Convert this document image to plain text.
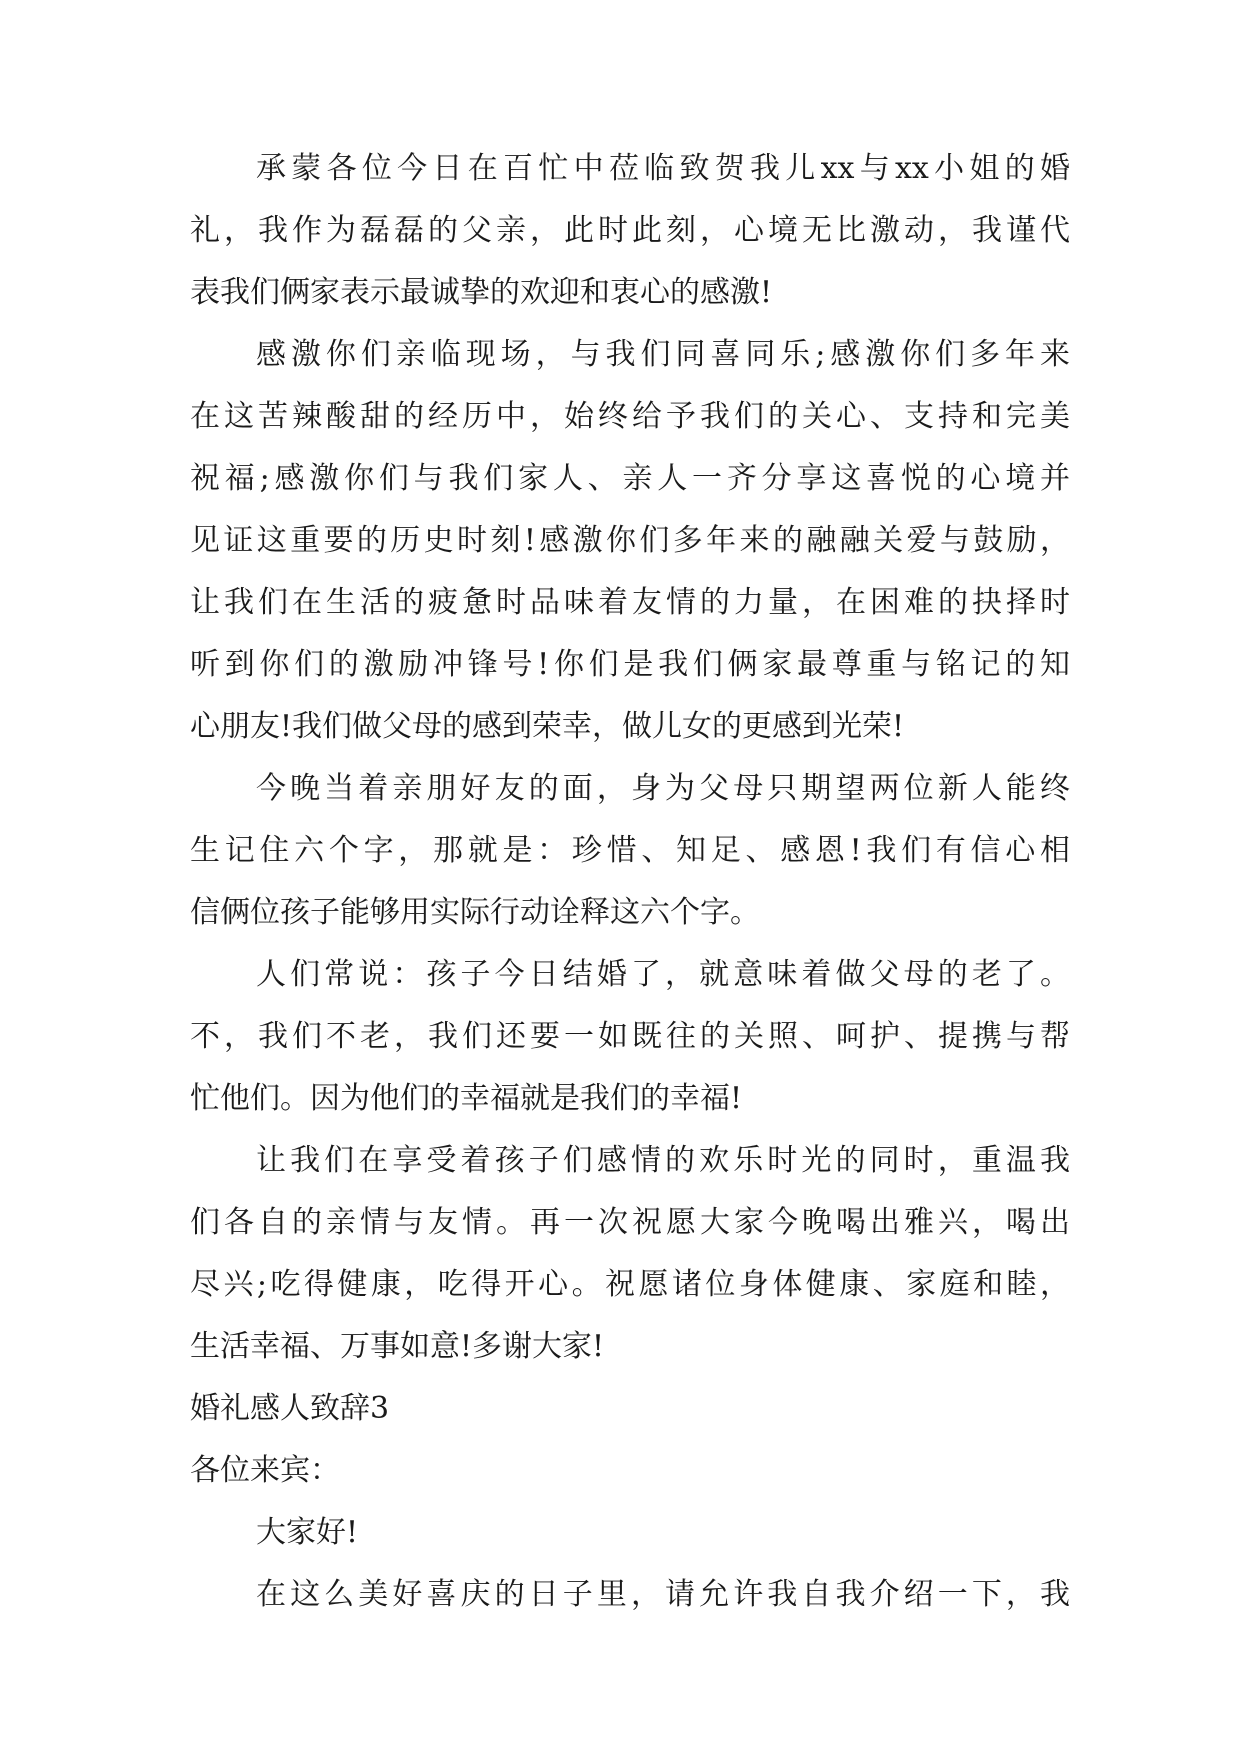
承蒙各位今日在百忙中莅临致贺我儿xx与xx小姐的婚
礼，我作为磊磊的父亲，此时此刻，心境无比激动，我谨代
表我们俩家表示最诚挚的欢迎和衷心的感激!
感激你们亲临现场，与我们同喜同乐;感激你们多年来
在这苦辣酸甜的经历中，始终给予我们的关心、支持和完美
祝福;感激你们与我们家人、亲人一齐分享这喜悦的心境并
见证这重要的历史时刻!感激你们多年来的融融关爱与鼓励，
让我们在生活的疲惫时品味着友情的力量，在困难的抉择时
听到你们的激励冲锋号!你们是我们俩家最尊重与铭记的知
心朋友!我们做父母的感到荣幸，做儿女的更感到光荣!
今晚当着亲朋好友的面，身为父母只期望两位新人能终
生记住六个字，那就是：珍惜、知足、感恩!我们有信心相
信俩位孩子能够用实际行动诠释这六个字。
人们常说：孩子今日结婚了，就意味着做父母的老了。
不，我们不老，我们还要一如既往的关照、呵护、提携与帮
忙他们。因为他们的幸福就是我们的幸福!
让我们在享受着孩子们感情的欢乐时光的同时，重温我
们各自的亲情与友情。再一次祝愿大家今晚喝出雅兴，喝出
尽兴;吃得健康，吃得开心。祝愿诸位身体健康、家庭和睦，
生活幸福、万事如意!多谢大家!
婚礼感人致辞3
各位来宾：
大家好!
在这么美好喜庆的日子里，请允许我自我介绍一下，我
